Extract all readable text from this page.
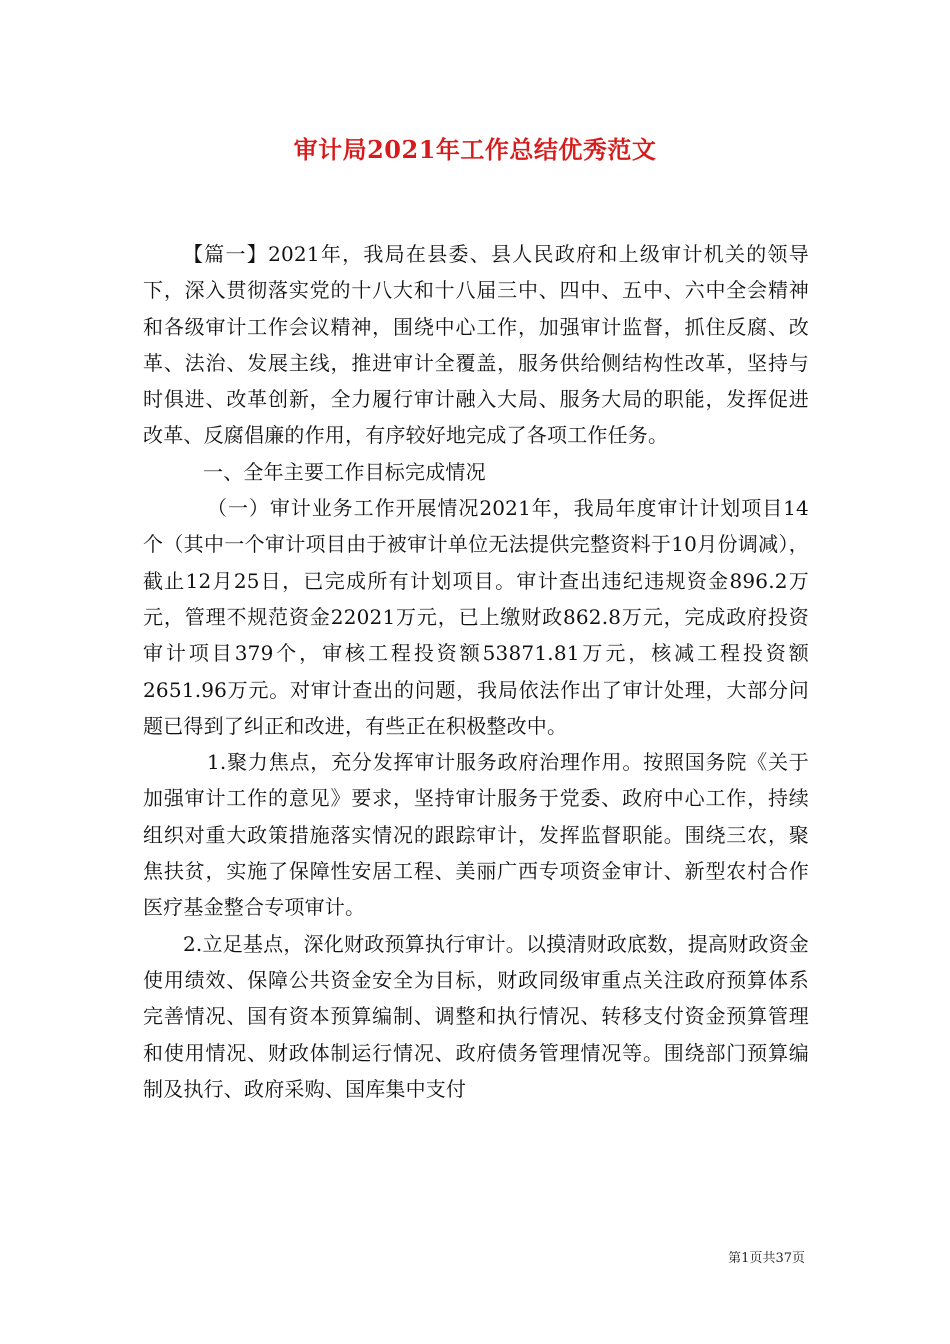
审计局2021年工作总结优秀范文

【篇一】2021年，我局在县委、县人民政府和上级审计机关的领导下，深入贯彻落实党的十八大和十八届三中、四中、五中、六中全会精神和各级审计工作会议精神，围绕中心工作，加强审计监督，抓住反腐、改革、法治、发展主线，推进审计全覆盖，服务供给侧结构性改革，坚持与时俱进、改革创新，全力履行审计融入大局、服务大局的职能，发挥促进改革、反腐倡廉的作用，有序较好地完成了各项工作任务。

一、全年主要工作目标完成情况

（一）审计业务工作开展情况2021年，我局年度审计计划项目14个（其中一个审计项目由于被审计单位无法提供完整资料于10月份调减），截止12月25日，已完成所有计划项目。审计查出违纪违规资金896.2万元，管理不规范资金22021万元，已上缴财政862.8万元，完成政府投资审计项目379个，审核工程投资额53871.81万元，核减工程投资额2651.96万元。对审计查出的问题，我局依法作出了审计处理，大部分问题已得到了纠正和改进，有些正在积极整改中。

1.聚力焦点，充分发挥审计服务政府治理作用。按照国务院《关于加强审计工作的意见》要求，坚持审计服务于党委、政府中心工作，持续组织对重大政策措施落实情况的跟踪审计，发挥监督职能。围绕三农，聚焦扶贫，实施了保障性安居工程、美丽广西专项资金审计、新型农村合作医疗基金整合专项审计。

2.立足基点，深化财政预算执行审计。以摸清财政底数，提高财政资金使用绩效、保障公共资金安全为目标，财政同级审重点关注政府预算体系完善情况、国有资本预算编制、调整和执行情况、转移支付资金预算管理和使用情况、财政体制运行情况、政府债务管理情况等。围绕部门预算编制及执行、政府采购、国库集中支付

第1页共37页
